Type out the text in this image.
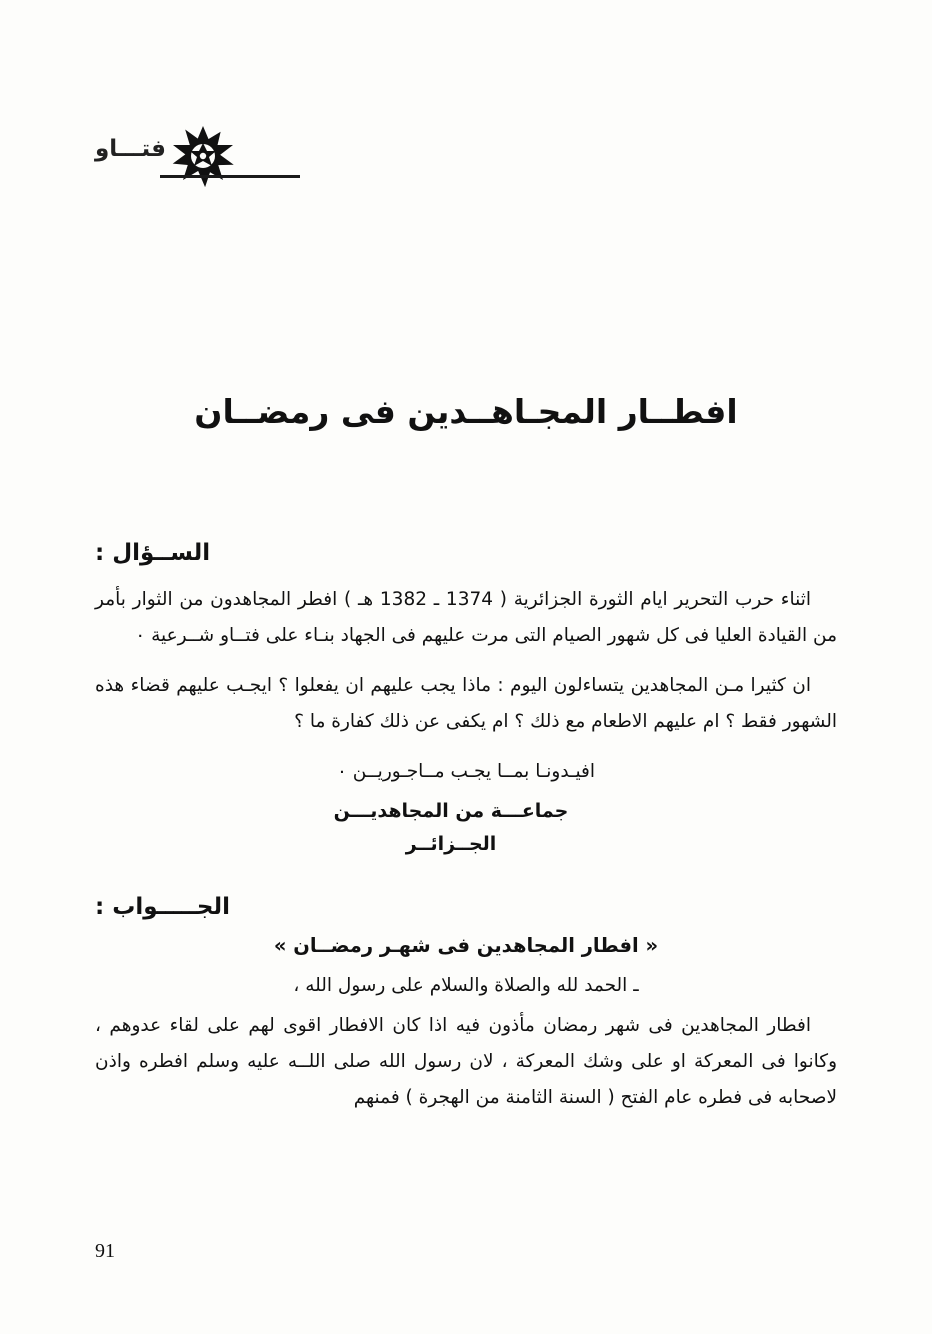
فتـــاو
افطــار المجـاهــدين فى رمضــان
الســؤال :

اثناء حرب التحرير ايام الثورة الجزائرية ( 1374 ـ 1382 هـ ) افطر المجاهدون من الثوار بأمر من القيادة العليا فى كل شهور الصيام التى مرت عليهم فى الجهاد بنـاء على فتــاو شــرعية ٠

ان كثيرا مـن المجاهدين يتساءلون اليوم : ماذا يجب عليهم ان يفعلوا ؟ ايجـب عليهم قضاء هذه الشهور فقط ؟ ام عليهم الاطعام مع ذلك ؟ ام يكفى عن ذلك كفارة ما ؟

افيـدونـا بمــا يجـب مــاجـوريــن ٠

جماعـــة من المجاهديـــن
الجــزائــر
الجـــــواب :
« افطار المجاهدين فى شهـر رمضــان »

ـ الحمد لله والصلاة والسلام على رسول الله ،

افطار المجاهدين فى شهر رمضان مأذون فيه اذا كان الافطار اقوى لهم على لقاء عدوهم ، وكانوا فى المعركة او على وشك المعركة ، لان رسول الله صلى اللــه عليه وسلم افطره واذن لاصحابه فى فطره عام الفتح ( السنة الثامنة من الهجرة ) فمنهم

91
